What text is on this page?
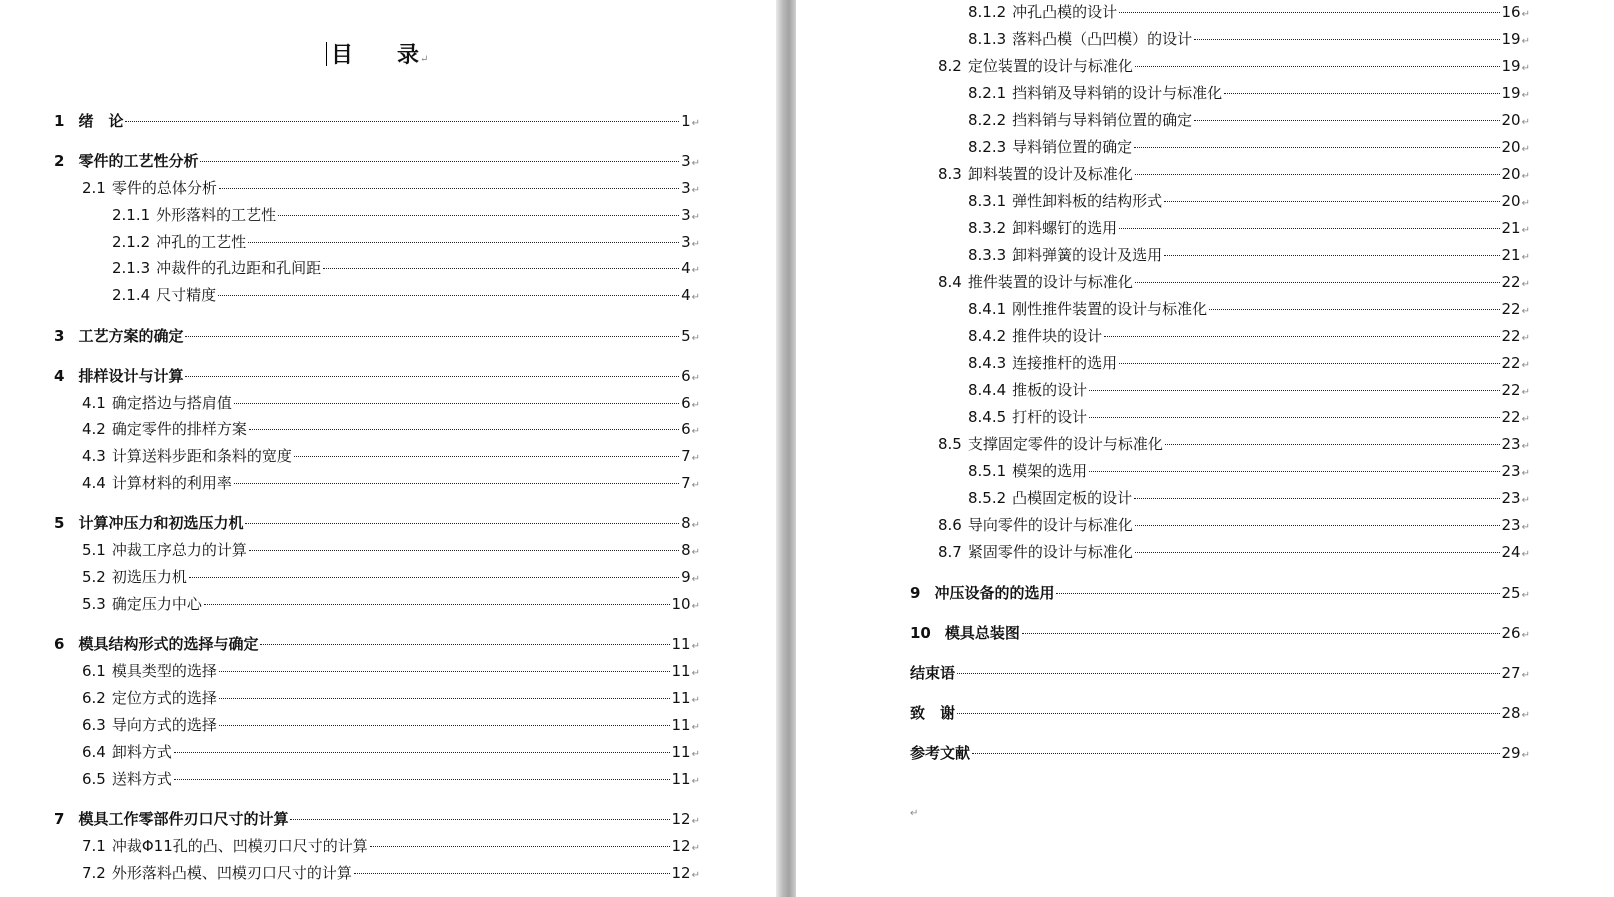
目　　录↵
1 绪　论	1 ↵
2 零件的工艺性分析	3 ↵
2.1 零件的总体分析	3 ↵
2.1.1 外形落料的工艺性	3 ↵
2.1.2 冲孔的工艺性	3 ↵
2.1.3 冲裁件的孔边距和孔间距	4 ↵
2.1.4 尺寸精度	4 ↵
3 工艺方案的确定	5 ↵
4 排样设计与计算	6 ↵
4.1 确定搭边与搭肩值	6 ↵
4.2 确定零件的排样方案	6 ↵
4.3 计算送料步距和条料的宽度	7 ↵
4.4 计算材料的利用率	7 ↵
5 计算冲压力和初选压力机	8 ↵
5.1 冲裁工序总力的计算	8 ↵
5.2 初选压力机	9 ↵
5.3 确定压力中心	10 ↵
6 模具结构形式的选择与确定	11 ↵
6.1 模具类型的选择	11 ↵
6.2 定位方式的选择	11 ↵
6.3 导向方式的选择	11 ↵
6.4 卸料方式	11 ↵
6.5 送料方式	11 ↵
7 模具工作零部件刃口尺寸的计算	12 ↵
7.1 冲裁Φ11孔的凸、凹模刃口尺寸的计算	12 ↵
7.2 外形落料凸模、凹模刃口尺寸的计算	12 ↵
8.1.2 冲孔凸模的设计	16 ↵
8.1.3 落料凸模（凸凹模）的设计	19 ↵
8.2 定位装置的设计与标准化	19 ↵
8.2.1 挡料销及导料销的设计与标准化	19 ↵
8.2.2 挡料销与导料销位置的确定	20 ↵
8.2.3 导料销位置的确定	20 ↵
8.3 卸料装置的设计及标准化	20 ↵
8.3.1 弹性卸料板的结构形式	20 ↵
8.3.2 卸料螺钉的选用	21 ↵
8.3.3 卸料弹簧的设计及选用	21 ↵
8.4 推件装置的设计与标准化	22 ↵
8.4.1 刚性推件装置的设计与标准化	22 ↵
8.4.2 推件块的设计	22 ↵
8.4.3 连接推杆的选用	22 ↵
8.4.4 推板的设计	22 ↵
8.4.5 打杆的设计	22 ↵
8.5 支撑固定零件的设计与标准化	23 ↵
8.5.1 模架的选用	23 ↵
8.5.2 凸模固定板的设计	23 ↵
8.6 导向零件的设计与标准化	23 ↵
8.7 紧固零件的设计与标准化	24 ↵
9 冲压设备的的选用	25 ↵
10 模具总装图	26 ↵
结束语	27 ↵
致　谢	28 ↵
参考文献	29 ↵
↵
